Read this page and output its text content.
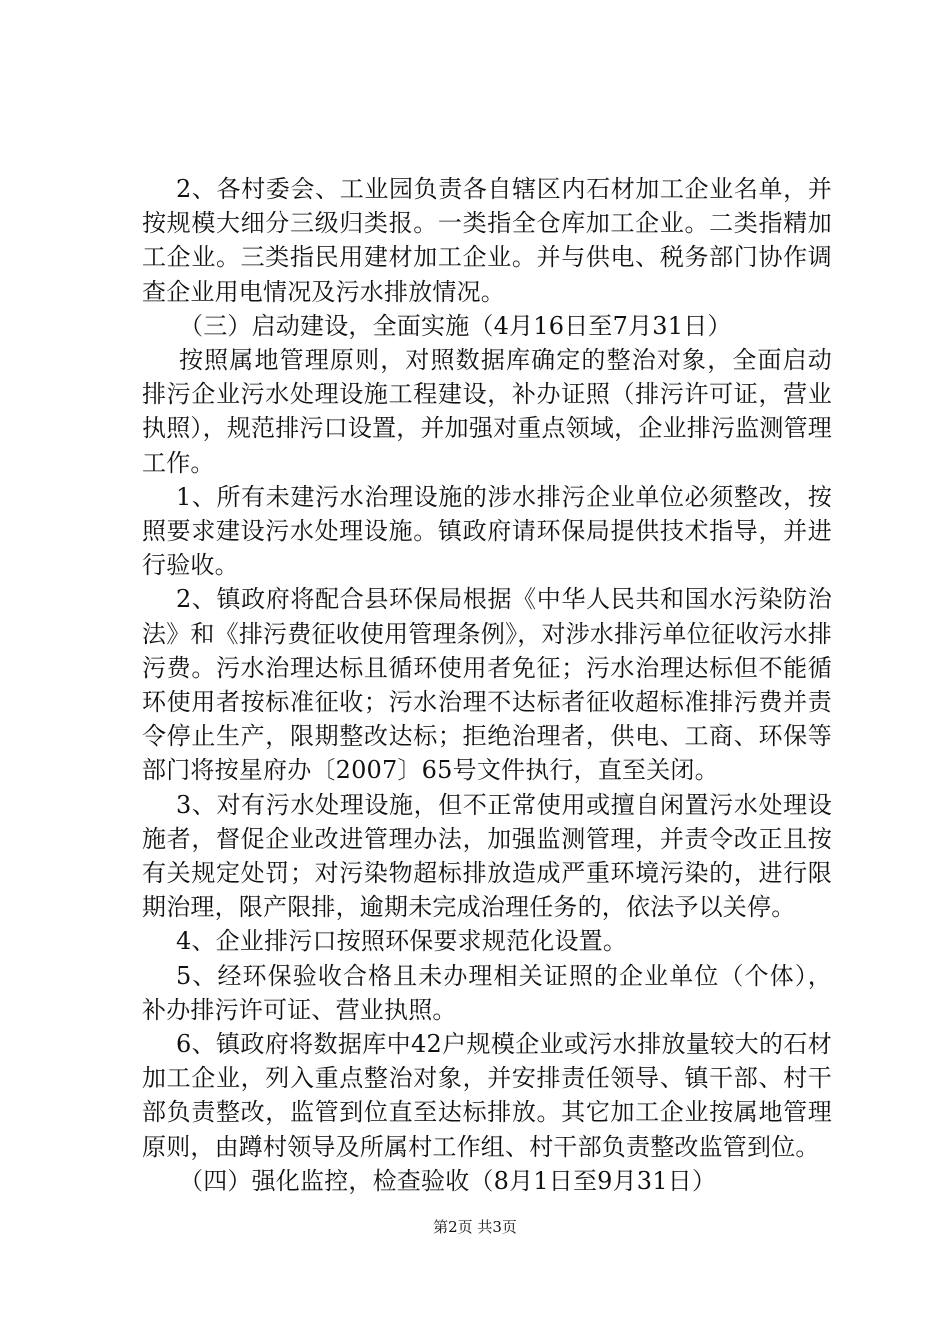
2、各村委会、工业园负责各自辖区内石材加工企业名单，并按规模大细分三级归类报。一类指全仓库加工企业。二类指精加工企业。三类指民用建材加工企业。并与供电、税务部门协作调查企业用电情况及污水排放情况。

（三）启动建设，全面实施（4月16日至7月31日）

按照属地管理原则，对照数据库确定的整治对象，全面启动排污企业污水处理设施工程建设，补办证照（排污许可证，营业执照），规范排污口设置，并加强对重点领域，企业排污监测管理工作。

1、所有未建污水治理设施的涉水排污企业单位必须整改，按照要求建设污水处理设施。镇政府请环保局提供技术指导，并进行验收。

2、镇政府将配合县环保局根据《中华人民共和国水污染防治法》和《排污费征收使用管理条例》，对涉水排污单位征收污水排污费。污水治理达标且循环使用者免征；污水治理达标但不能循环使用者按标准征收；污水治理不达标者征收超标准排污费并责令停止生产，限期整改达标；拒绝治理者，供电、工商、环保等部门将按星府办〔2007〕65号文件执行，直至关闭。

3、对有污水处理设施，但不正常使用或擅自闲置污水处理设施者，督促企业改进管理办法，加强监测管理，并责令改正且按有关规定处罚；对污染物超标排放造成严重环境污染的，进行限期治理，限产限排，逾期未完成治理任务的，依法予以关停。

4、企业排污口按照环保要求规范化设置。

5、经环保验收合格且未办理相关证照的企业单位（个体），补办排污许可证、营业执照。

6、镇政府将数据库中42户规模企业或污水排放量较大的石材加工企业，列入重点整治对象，并安排责任领导、镇干部、村干部负责整改，监管到位直至达标排放。其它加工企业按属地管理原则，由蹲村领导及所属村工作组、村干部负责整改监管到位。

（四）强化监控，检查验收（8月1日至9月31日）

第2页 共3页
